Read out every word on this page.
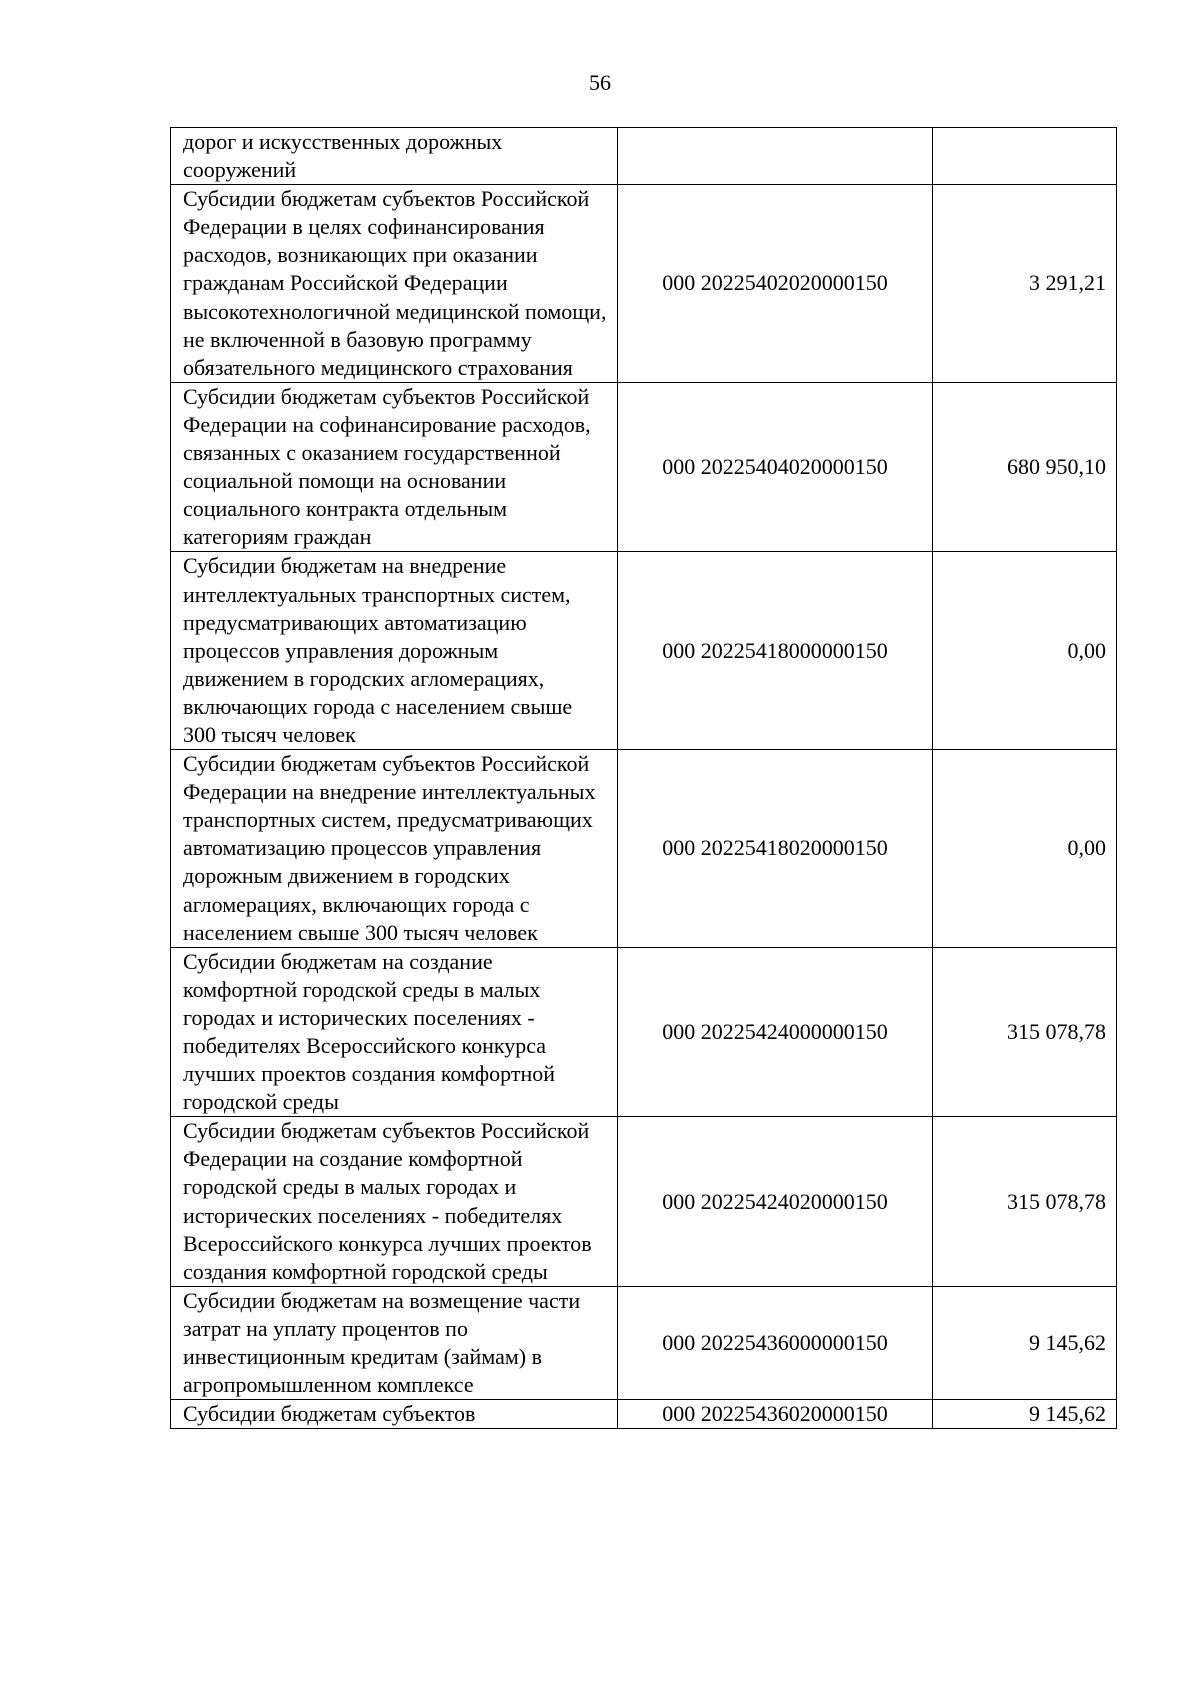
56
дорог и искусственных дорожных сооружений		
Субсидии бюджетам субъектов Российской Федерации в целях софинансирования расходов, возникающих при оказании гражданам Российской Федерации высокотехнологичной медицинской помощи, не включенной в базовую программу обязательного медицинского страхования	000 20225402020000150	3 291,21
Субсидии бюджетам субъектов Российской Федерации на софинансирование расходов, связанных с оказанием государственной социальной помощи на основании социального контракта отдельным категориям граждан	000 20225404020000150	680 950,10
Субсидии бюджетам на внедрение интеллектуальных транспортных систем, предусматривающих автоматизацию процессов управления дорожным движением в городских агломерациях, включающих города с населением свыше 300 тысяч человек	000 20225418000000150	0,00
Субсидии бюджетам субъектов Российской Федерации на внедрение интеллектуальных транспортных систем, предусматривающих автоматизацию процессов управления дорожным движением в городских агломерациях, включающих города с населением свыше 300 тысяч человек	000 20225418020000150	0,00
Субсидии бюджетам на создание комфортной городской среды в малых городах и исторических поселениях - победителях Всероссийского конкурса лучших проектов создания комфортной городской среды	000 20225424000000150	315 078,78
Субсидии бюджетам субъектов Российской Федерации на создание комфортной городской среды в малых городах и исторических поселениях - победителях Всероссийского конкурса лучших проектов создания комфортной городской среды	000 20225424020000150	315 078,78
Субсидии бюджетам на возмещение части затрат на уплату процентов по инвестиционным кредитам (займам) в агропромышленном комплексе	000 20225436000000150	9 145,62
Субсидии бюджетам субъектов	000 20225436020000150	9 145,62
